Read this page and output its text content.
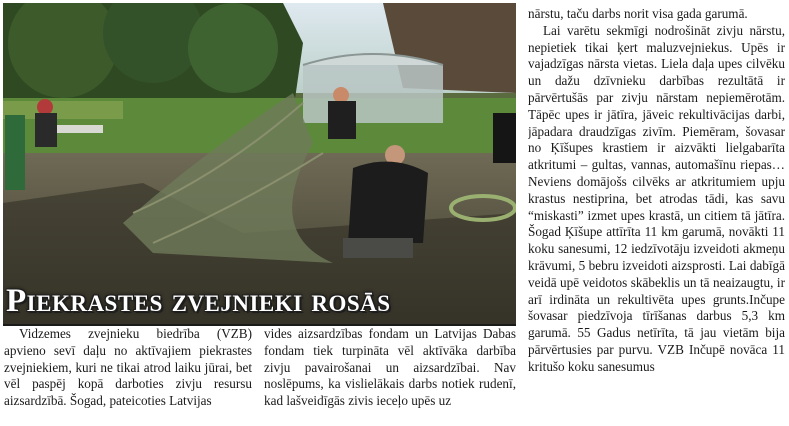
Piekrastes zvejnieki rosās

Vidzemes zvejnieku biedrība (VZB) apvieno sevī daļu no aktīvajiem piekrastes zvejniekiem, kuri ne tikai atrod laiku jūrai, bet vēl paspēj kopā darboties zivju resursu aizsardzībā. Šogad, pateicoties Latvijas

vides aizsardzības fondam un Latvijas Dabas fondam tiek turpināta vēl aktīvāka darbība zivju pavairošanai un aizsardzībai. Nav noslēpums, ka vislielākais darbs notiek rudenī, kad lašveidīgās zivis ieceļo upēs uz

nārstu, taču darbs norit visa gada garumā.

Lai varētu sekmīgi nodrošināt zivju nārstu, nepietiek tikai ķert maluzvejniekus. Upēs ir vajadzīgas nārsta vietas. Liela daļa upes cilvēku un dažu dzīvnieku darbības rezultātā ir pārvērtušās par zivju nārstam nepiemērotām. Tāpēc upes ir jātīra, jāveic rekultivācijas darbi, jāpadara draudzīgas zivīm. Piemēram, šovasar no Ķīšupes krastiem ir aizvākti lielgabarīta atkritumi – gultas, vannas, automašīnu riepas… Neviens domājošs cilvēks ar atkritumiem upju krastus nestiprina, bet atrodas tādi, kas savu “miskasti” izmet upes krastā, un citiem tā jātīra. Šogad Ķīšupe attīrīta 11 km garumā, novākti 11 koku sanesumi, 12 iedzīvotāju izveidoti akmeņu krāvumi, 5 bebru izveidoti aizsprosti. Lai dabīgā veidā upē veidotos skābeklis un tā neaizaugtu, ir arī irdināta un rekultivēta upes grunts.Inčupe šovasar piedzīvoja tīrīšanas darbus 5,3 km garumā. 55 Gadus netīrīta, tā jau vietām bija pārvērtusies par purvu. VZB Inčupē novāca 11 kritušo koku sanesumus
